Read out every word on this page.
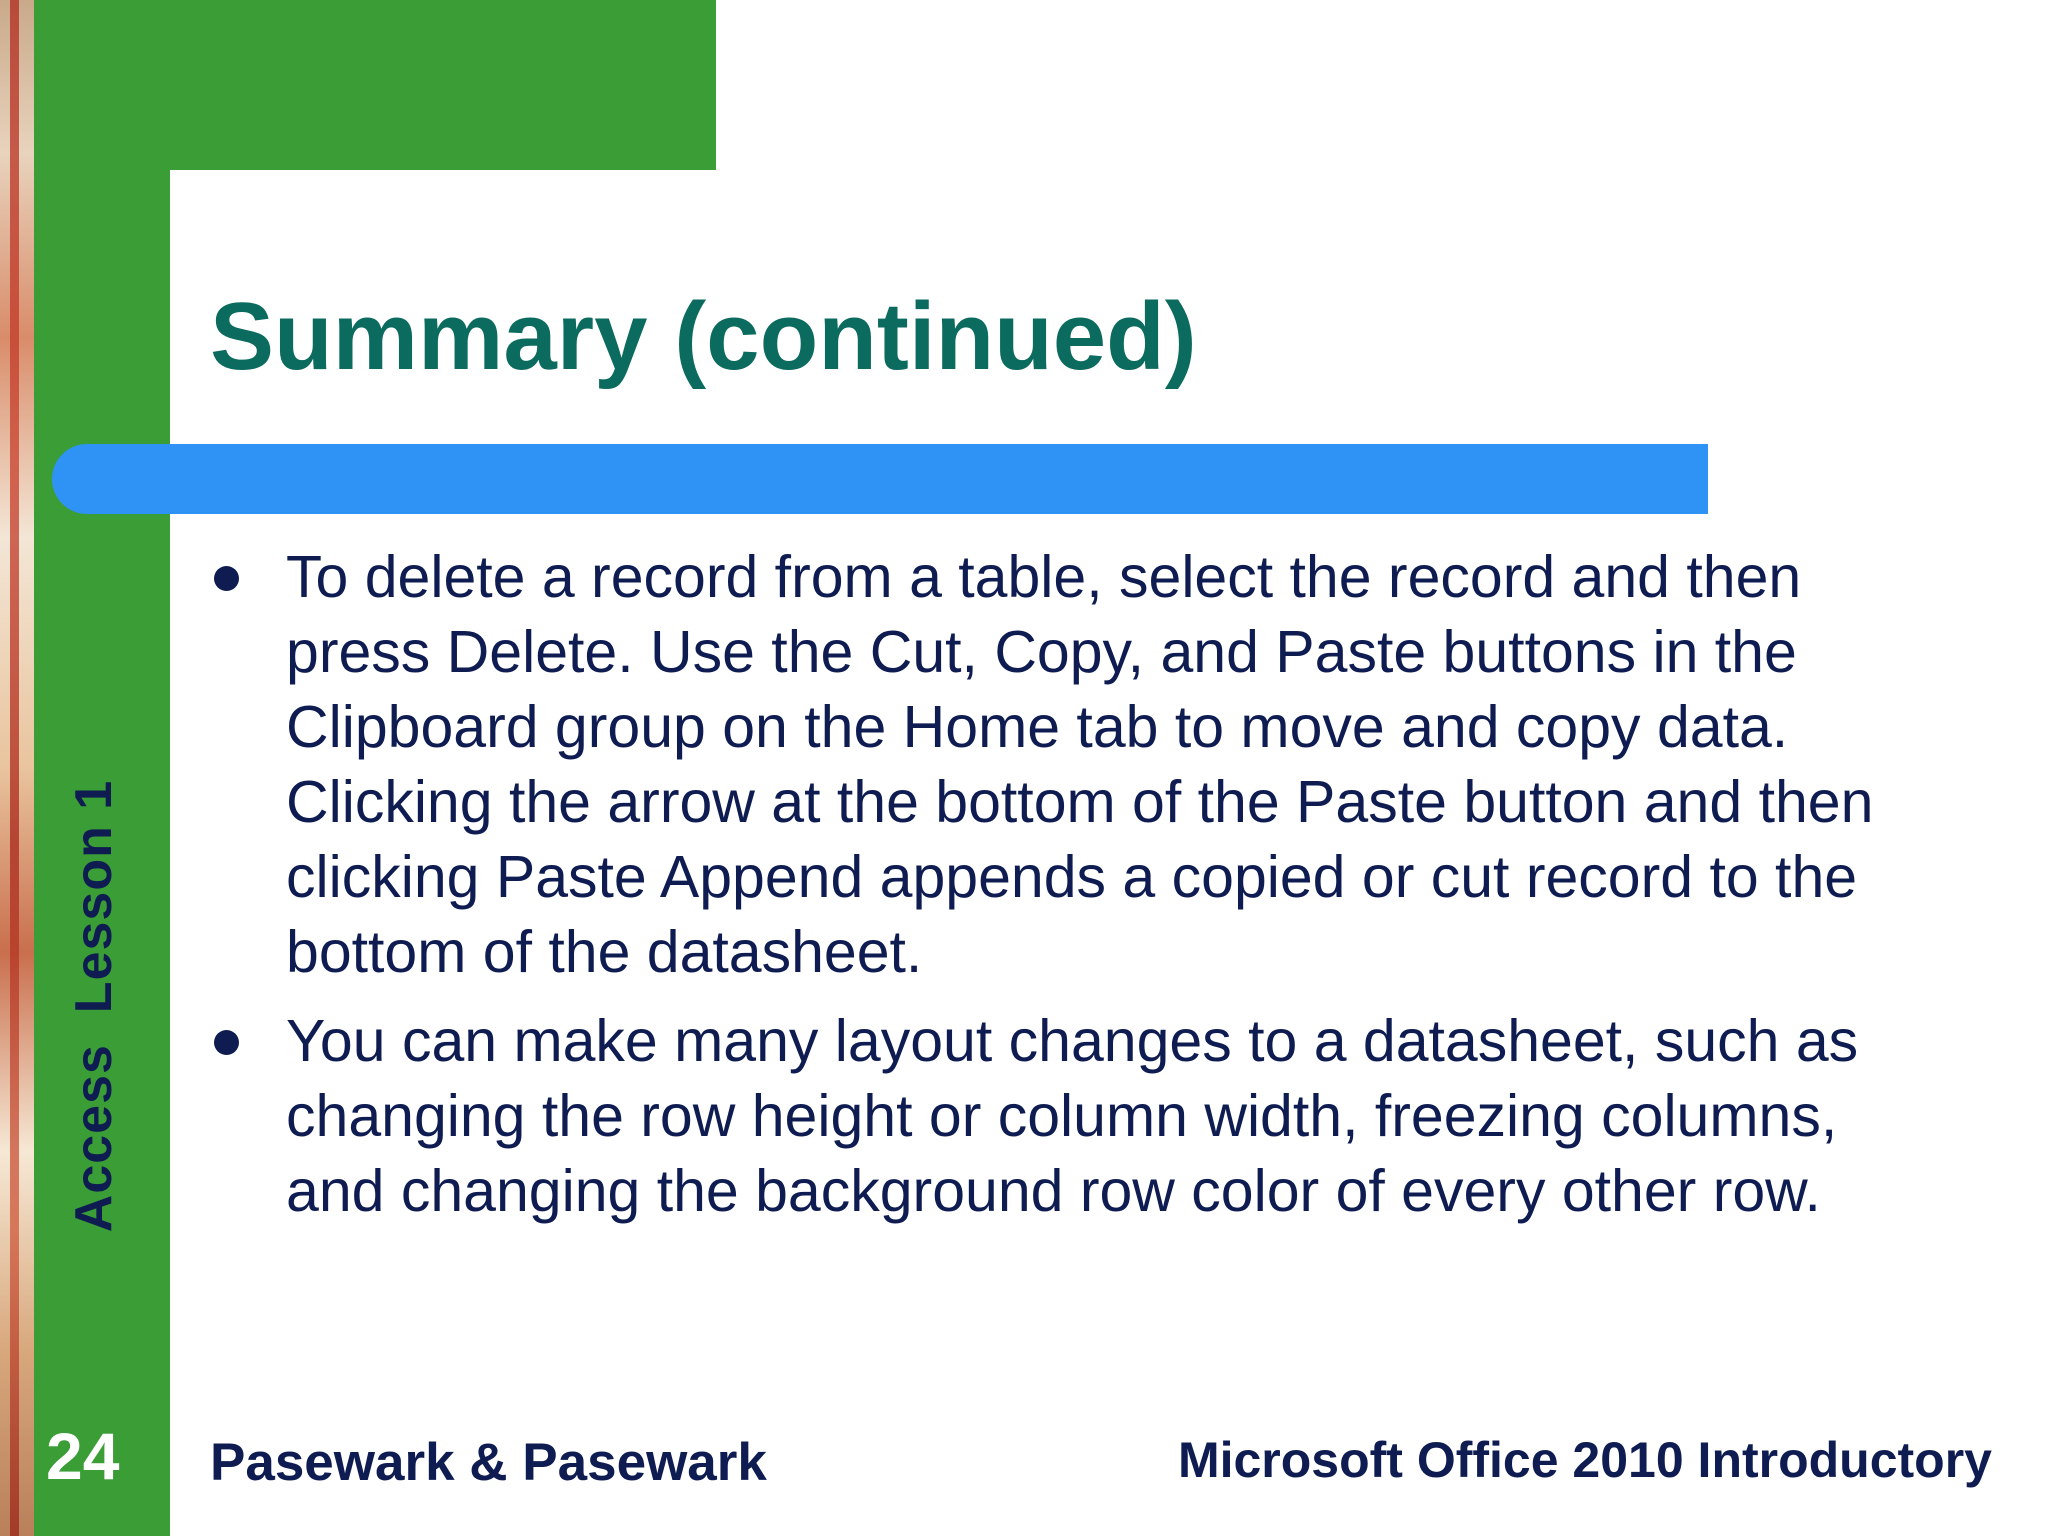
Summary (continued)
To delete a record from a table, select the record and then press Delete. Use the Cut, Copy, and Paste buttons in the Clipboard group on the Home tab to move and copy data. Clicking the arrow at the bottom of the Paste button and then clicking Paste Append appends a copied or cut record to the bottom of the datasheet.
You can make many layout changes to a datasheet, such as changing the row height or column width, freezing columns, and changing the background row color of every other row.
Access  Lesson 1
24 Pasewark & Pasewark	Microsoft Office 2010 Introductory
